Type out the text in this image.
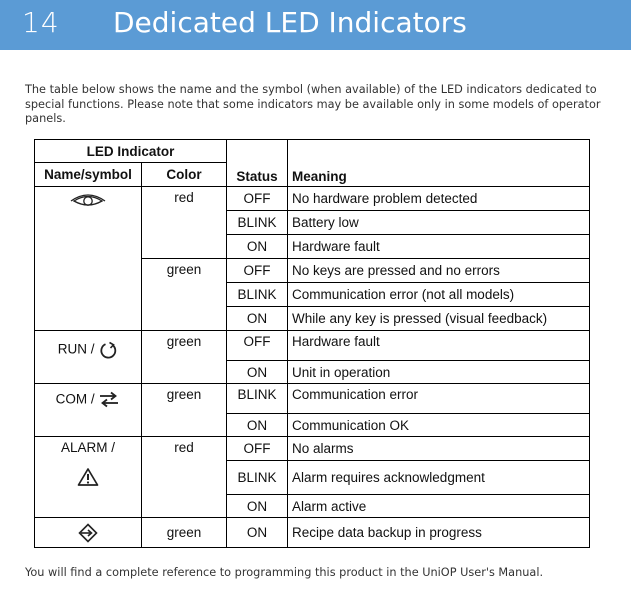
14 Dedicated LED Indicators

The table below shows the name and the symbol (when available) of the LED indicators dedicated to special functions. Please note that some indicators may be available only in some models of operator panels.

LED Indicator		Status	Meaning
Name/symbol	Color		

	red	OFF	No hardware problem detected
		BLINK	Battery low
		ON	Hardware fault
	green	OFF	No keys are pressed and no errors
		BLINK	Communication error (not all models)
		ON	While any key is pressed (visual feedback)
RUN /	green	OFF	Hardware fault
		ON	Unit in operation
COM /	green	BLINK	Communication error
		ON	Communication OK

ALARM /	red	OFF	No alarms
		BLINK	Alarm requires acknowledgment
		ON	Alarm active

	green	ON	Recipe data backup in progress

You will find a complete reference to programming this product in the UniOP User's Manual.
